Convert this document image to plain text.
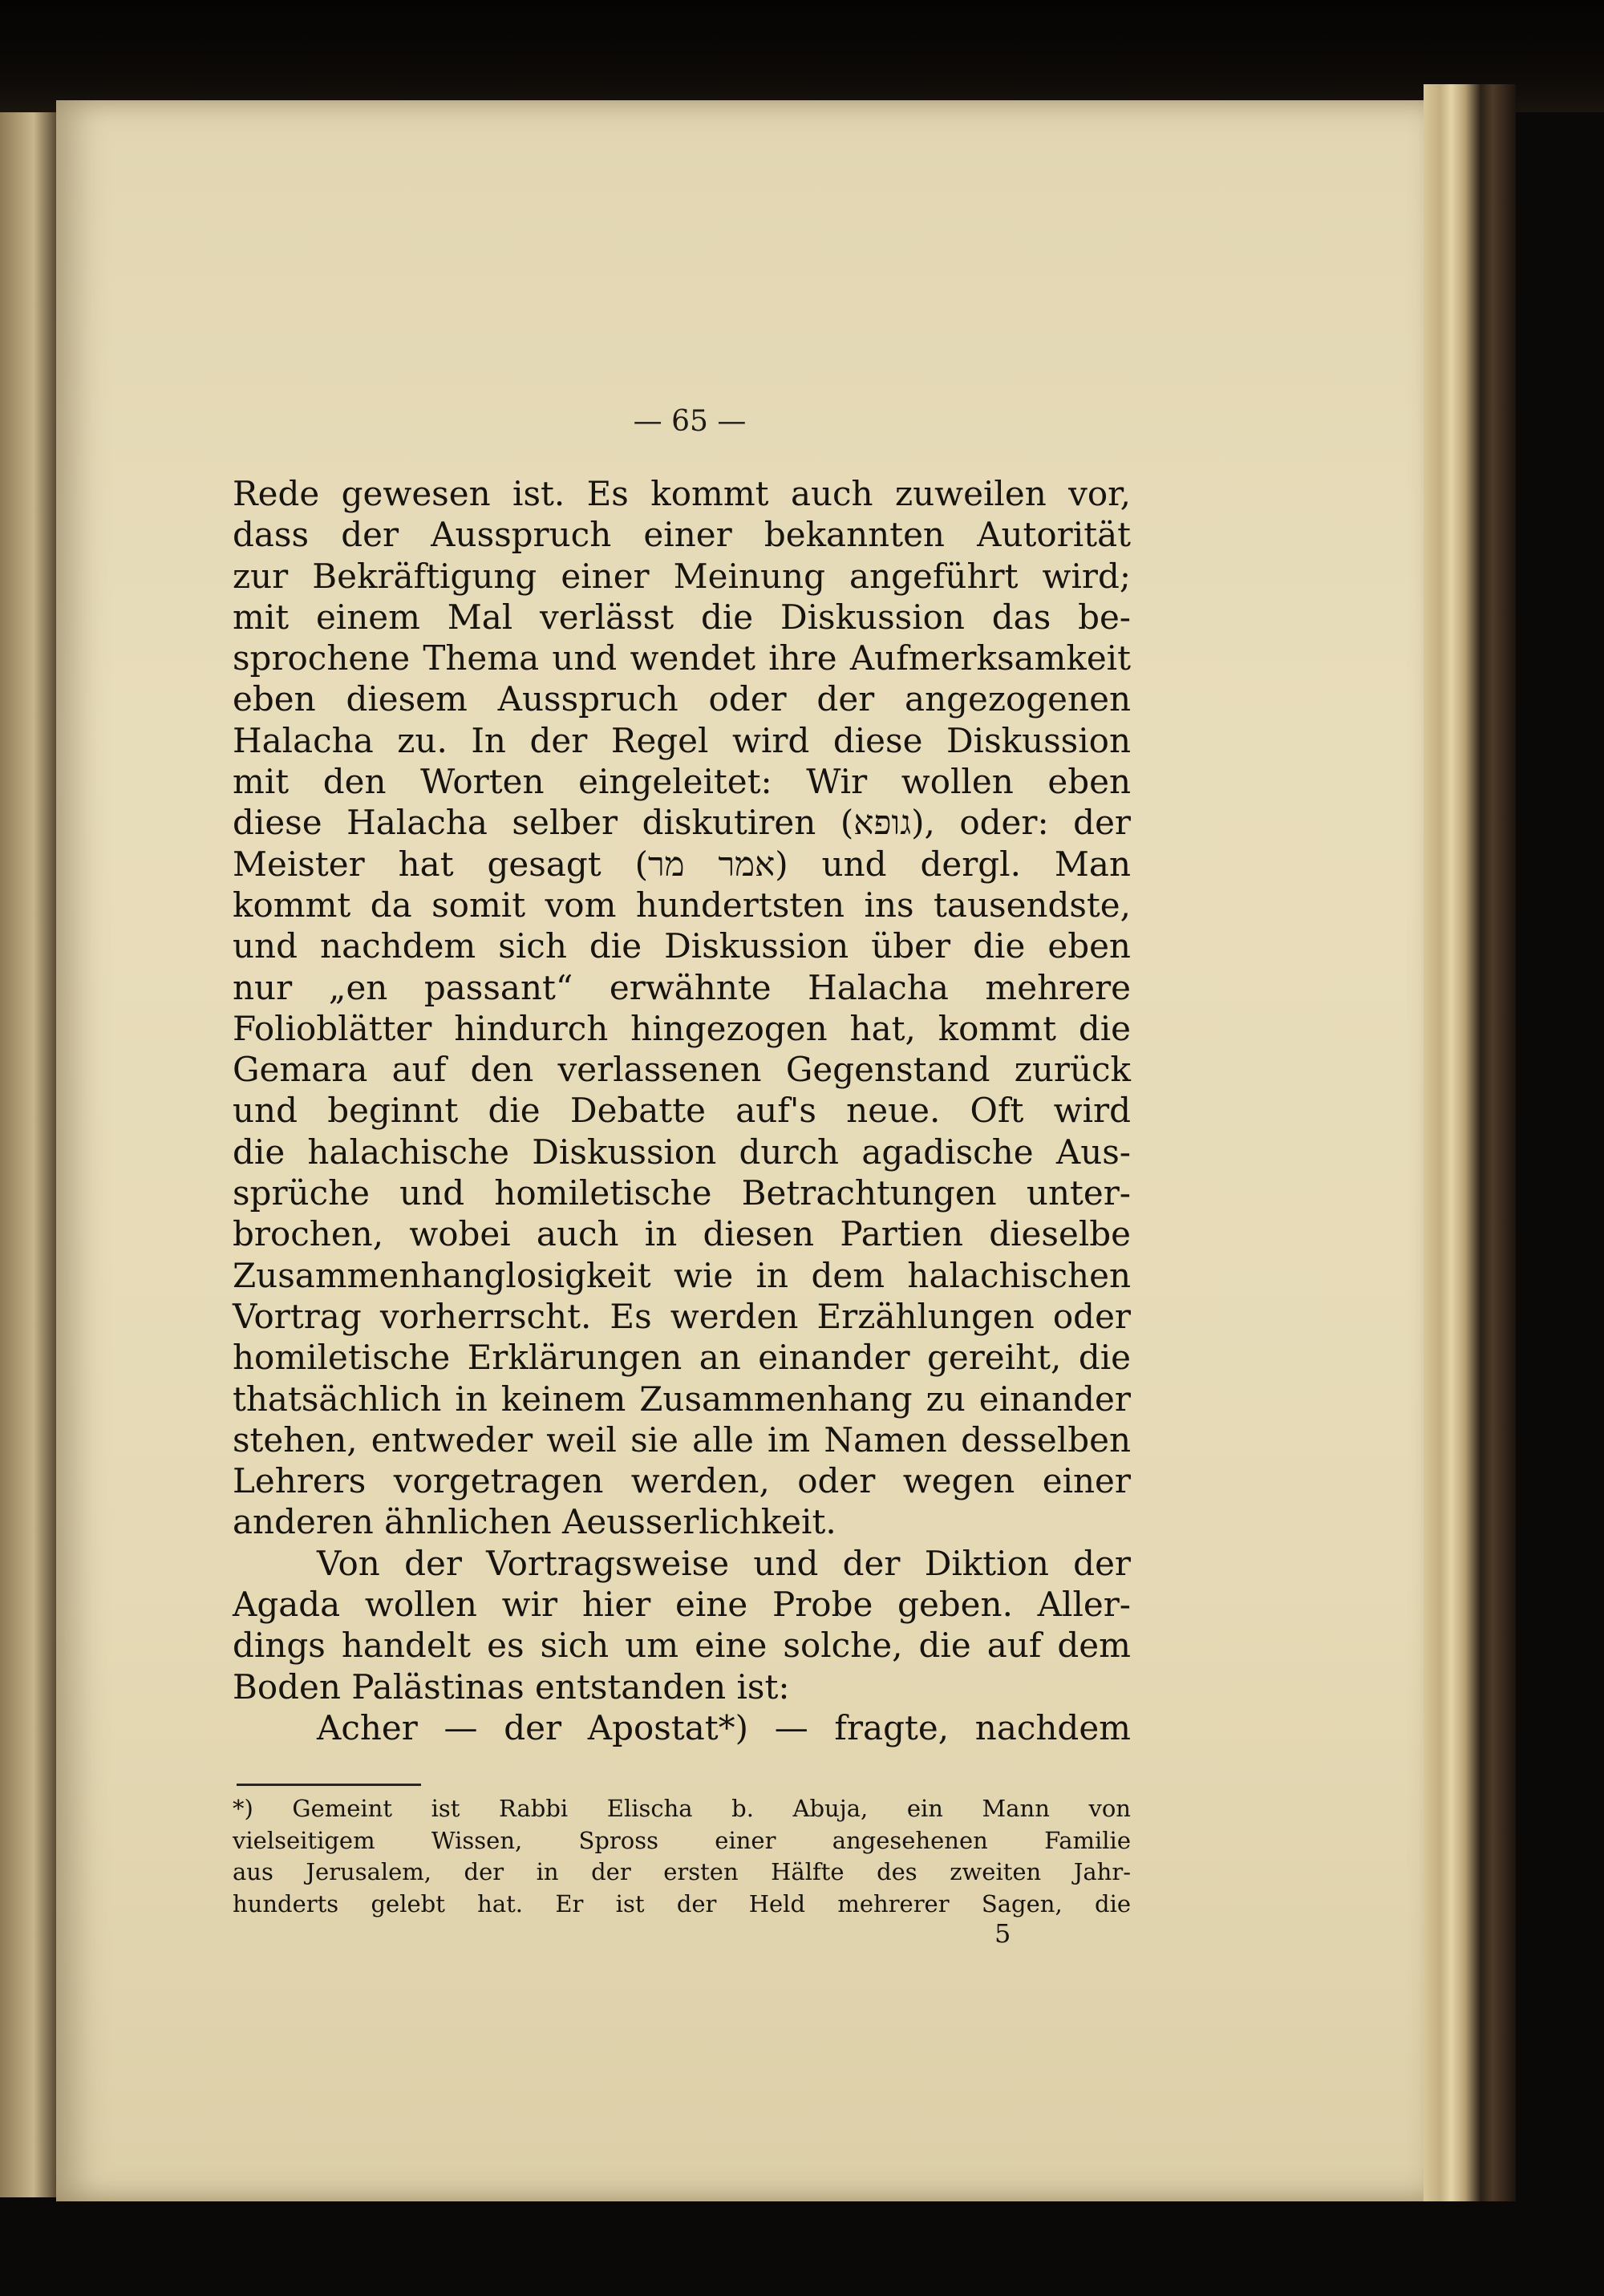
— 65 —
Rede gewesen ist. Es kommt auch zuweilen vor,
dass der Ausspruch einer bekannten Autorität
zur Bekräftigung einer Meinung angeführt wird;
mit einem Mal verlässt die Diskussion das be-
sprochene Thema und wendet ihre Aufmerksamkeit
eben diesem Ausspruch oder der angezogenen
Halacha zu. In der Regel wird diese Diskussion
mit den Worten eingeleitet: Wir wollen eben
diese Halacha selber diskutiren (גופא), oder: der
Meister hat gesagt (אמר מר) und dergl. Man
kommt da somit vom hundertsten ins tausendste,
und nachdem sich die Diskussion über die eben
nur „en passant“ erwähnte Halacha mehrere
Folioblätter hindurch hingezogen hat, kommt die
Gemara auf den verlassenen Gegenstand zurück
und beginnt die Debatte auf's neue. Oft wird
die halachische Diskussion durch agadische Aus-
sprüche und homiletische Betrachtungen unter-
brochen, wobei auch in diesen Partien dieselbe
Zusammenhanglosigkeit wie in dem halachischen
Vortrag vorherrscht. Es werden Erzählungen oder
homiletische Erklärungen an einander gereiht, die
thatsächlich in keinem Zusammenhang zu einander
stehen, entweder weil sie alle im Namen desselben
Lehrers vorgetragen werden, oder wegen einer
anderen ähnlichen Aeusserlichkeit.
Von der Vortragsweise und der Diktion der
Agada wollen wir hier eine Probe geben. Aller-
dings handelt es sich um eine solche, die auf dem
Boden Palästinas entstanden ist:
Acher — der Apostat*) — fragte, nachdem
*) Gemeint ist Rabbi Elischa b. Abuja, ein Mann von
vielseitigem Wissen, Spross einer angesehenen Familie
aus Jerusalem, der in der ersten Hälfte des zweiten Jahr-
hunderts gelebt hat. Er ist der Held mehrerer Sagen, die
5
